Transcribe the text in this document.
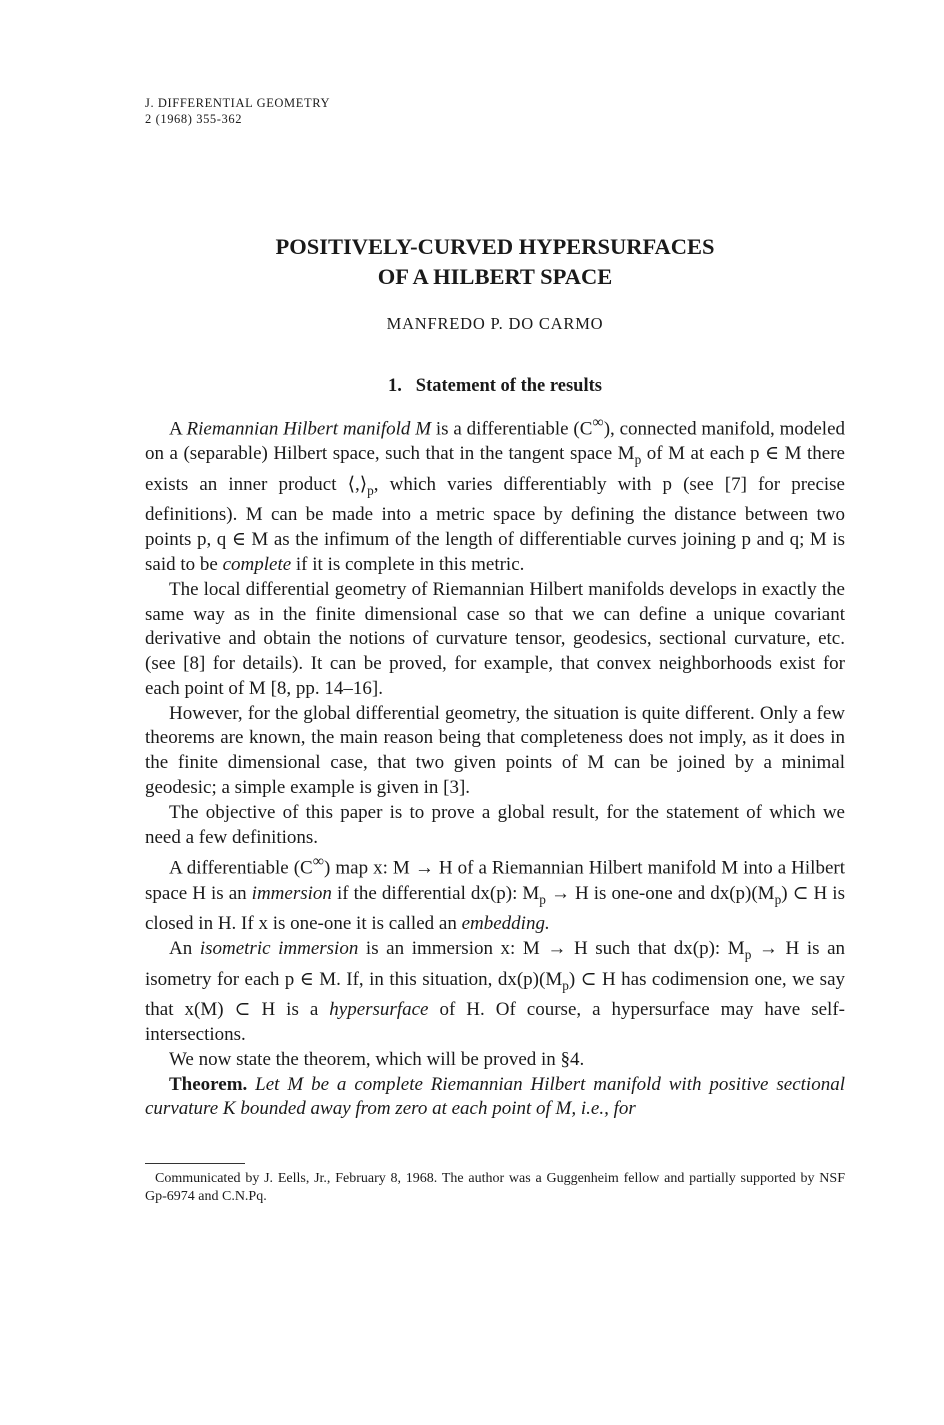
J. DIFFERENTIAL GEOMETRY
2 (1968) 355-362
POSITIVELY-CURVED HYPERSURFACES
OF A HILBERT SPACE
MANFREDO P. DO CARMO
1. Statement of the results

A Riemannian Hilbert manifold M is a differentiable (C∞), connected manifold, modeled on a (separable) Hilbert space, such that in the tangent space $M_p$ of M at each p ∈ M there exists an inner product $⟨,⟩_p$, which varies differentiably with p (see [7] for precise definitions). M can be made into a metric space by defining the distance between two points p, q ∈ M as the infimum of the length of differentiable curves joining p and q; M is said to be complete if it is complete in this metric.

The local differential geometry of Riemannian Hilbert manifolds develops in exactly the same way as in the finite dimensional case so that we can define a unique covariant derivative and obtain the notions of curvature tensor, geodesics, sectional curvature, etc. (see [8] for details). It can be proved, for example, that convex neighborhoods exist for each point of M [8, pp. 14–16].

However, for the global differential geometry, the situation is quite different. Only a few theorems are known, the main reason being that completeness does not imply, as it does in the finite dimensional case, that two given points of M can be joined by a minimal geodesic; a simple example is given in [3].

The objective of this paper is to prove a global result, for the statement of which we need a few definitions.

A differentiable (C∞) map x: M → H of a Riemannian Hilbert manifold M into a Hilbert space H is an immersion if the differential dx(p): $M_p \to H$ is one-one and $dx(p)(M_p)$ ⊂ H is closed in H. If x is one-one it is called an embedding.

An isometric immersion is an immersion x: M → H such that dx(p): $M_p \to H$ is an isometry for each p ∈ M. If, in this situation, $dx(p)(M_p)$ ⊂ H has codimension one, we say that x(M) ⊂ H is a hypersurface of H. Of course, a hypersurface may have self-intersections.

We now state the theorem, which will be proved in §4.

Theorem. Let M be a complete Riemannian Hilbert manifold with positive sectional curvature K bounded away from zero at each point of M, i.e., for

Communicated by J. Eells, Jr., February 8, 1968. The author was a Guggenheim fellow and partially supported by NSF Gp-6974 and C.N.Pq.
